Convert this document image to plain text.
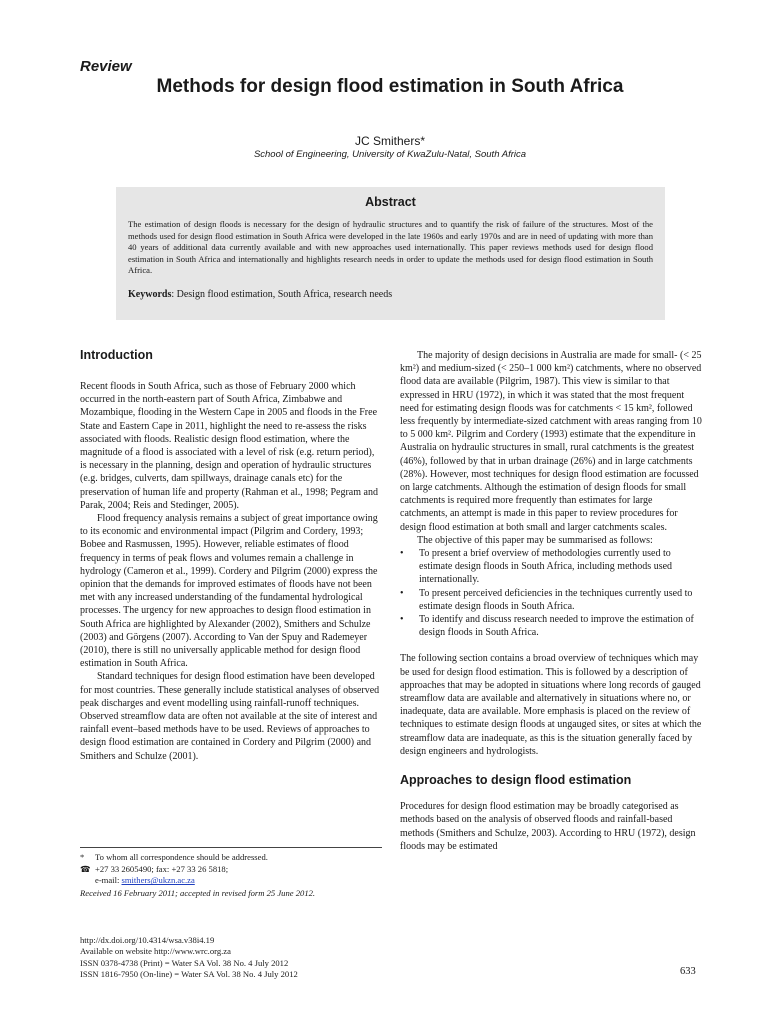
Review
Methods for design flood estimation in South Africa
JC Smithers*
School of Engineering, University of KwaZulu-Natal, South Africa
Abstract

The estimation of design floods is necessary for the design of hydraulic structures and to quantify the risk of failure of the structures. Most of the methods used for design flood estimation in South Africa were developed in the late 1960s and early 1970s and are in need of updating with more than 40 years of additional data currently available and with new approaches used internationally. This paper reviews methods used for design flood estimation in South Africa and internationally and highlights research needs in order to update the methods used for design flood estimation in South Africa.

Keywords: Design flood estimation, South Africa, research needs

Introduction

Recent floods in South Africa, such as those of February 2000 which occurred in the north-eastern part of South Africa, Zimbabwe and Mozambique, flooding in the Western Cape in 2005 and floods in the Free State and Eastern Cape in 2011, highlight the need to re-assess the risks associated with floods. Realistic design flood estimation, where the magnitude of a flood is associated with a level of risk (e.g. return period), is necessary in the planning, design and operation of hydraulic structures (e.g. bridges, culverts, dam spillways, drainage canals etc) for the preservation of human life and property (Rahman et al., 1998; Pegram and Parak, 2004; Reis and Stedinger, 2005).

Flood frequency analysis remains a subject of great importance owing to its economic and environmental impact (Pilgrim and Cordery, 1993; Bobee and Rasmussen, 1995). However, reliable estimates of flood frequency in terms of peak flows and volumes remain a challenge in hydrology (Cameron et al., 1999). Cordery and Pilgrim (2000) express the opinion that the demands for improved estimates of floods have not been met with any increased understanding of the fundamental hydrological processes. The urgency for new approaches to design flood estimation in South Africa are highlighted by Alexander (2002), Smithers and Schulze (2003) and Görgens (2007). According to Van der Spuy and Rademeyer (2010), there is still no universally applicable method for design flood estimation in South Africa.

Standard techniques for design flood estimation have been developed for most countries. These generally include statistical analyses of observed peak discharges and event modelling using rainfall-runoff techniques. Observed streamflow data are often not available at the site of interest and rainfall event–based methods have to be used. Reviews of approaches to design flood estimation are contained in Cordery and Pilgrim (2000) and Smithers and Schulze (2001).

The majority of design decisions in Australia are made for small- (< 25 km²) and medium-sized (< 250–1 000 km²) catchments, where no observed flood data are available (Pilgrim, 1987). This view is similar to that expressed in HRU (1972), in which it was stated that the most frequent need for estimating design floods was for catchments < 15 km², followed less frequently by intermediate-sized catchment with areas ranging from 10 to 5 000 km². Pilgrim and Cordery (1993) estimate that the expenditure in Australia on hydraulic structures in small, rural catchments is the greatest (46%), followed by that in urban drainage (26%) and in large catchments (28%). However, most techniques for design flood estimation are focussed on large catchments. Although the estimation of design floods for small catchments is required more frequently than estimates for large catchments, an attempt is made in this paper to review procedures for design flood estimation at both small and larger catchments scales.

The objective of this paper may be summarised as follows:

• To present a brief overview of methodologies currently used to estimate design floods in South Africa, including methods used internationally.
• To present perceived deficiencies in the techniques currently used to estimate design floods in South Africa.
• To identify and discuss research needed to improve the estimation of design floods in South Africa.

The following section contains a broad overview of techniques which may be used for design flood estimation. This is followed by a description of approaches that may be adopted in situations where long records of gauged streamflow data are available and alternatively in situations where no, or inadequate, data are available. More emphasis is placed on the review of techniques to estimate design floods at ungauged sites, or sites at which the streamflow data are inadequate, as this is the situation generally faced by design engineers and hydrologists.

Approaches to design flood estimation

Procedures for design flood estimation may be broadly categorised as methods based on the analysis of observed floods and rainfall-based methods (Smithers and Schulze, 2003). According to HRU (1972), design floods may be estimated

* To whom all correspondence should be addressed.
☎ +27 33 2605490; fax: +27 33 26 5818;
e-mail: smithers@ukzn.ac.za
Received 16 February 2011; accepted in revised form 25 June 2012.
http://dx.doi.org/10.4314/wsa.v38i4.19
Available on website http://www.wrc.org.za
ISSN 0378-4738 (Print) = Water SA Vol. 38 No. 4 July 2012
ISSN 1816-7950 (On-line) = Water SA Vol. 38 No. 4 July 2012	633
